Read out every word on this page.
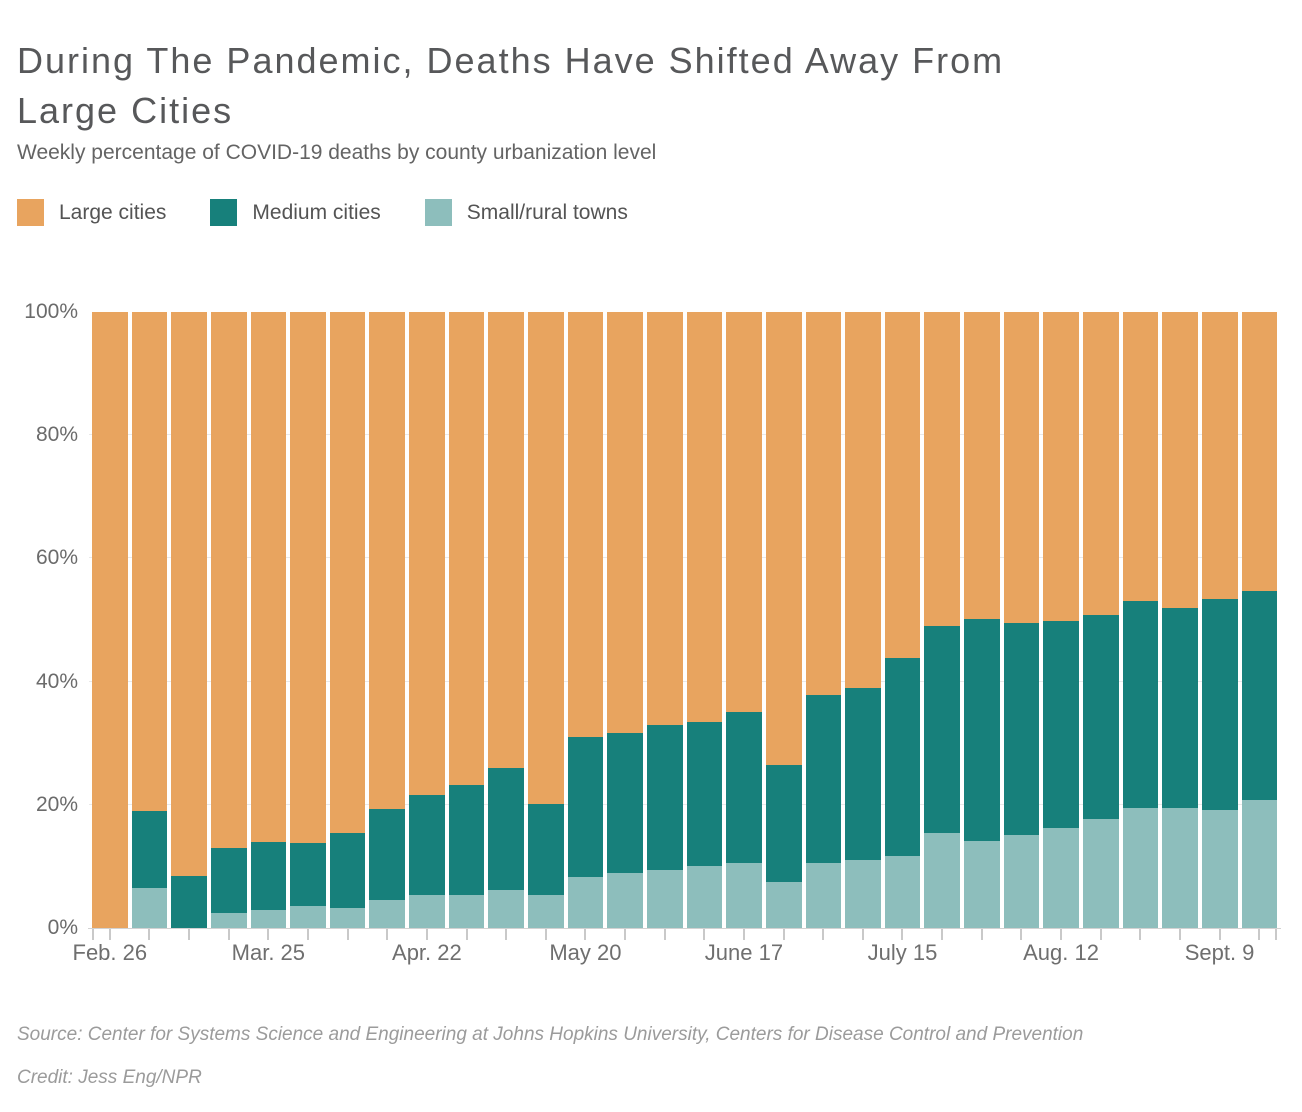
During The Pandemic, Deaths Have Shifted Away From
Large Cities
Weekly percentage of COVID-19 deaths by county urbanization level
Large cities	Medium cities	Small/rural towns
0%
20%
40%
60%
80%
100%
Feb. 26	Mar. 25	Apr. 22	May 20	June 17	July 15	Aug. 12	Sept. 9
Source: Center for Systems Science and Engineering at Johns Hopkins University, Centers for Disease Control and Prevention
Credit: Jess Eng/NPR
